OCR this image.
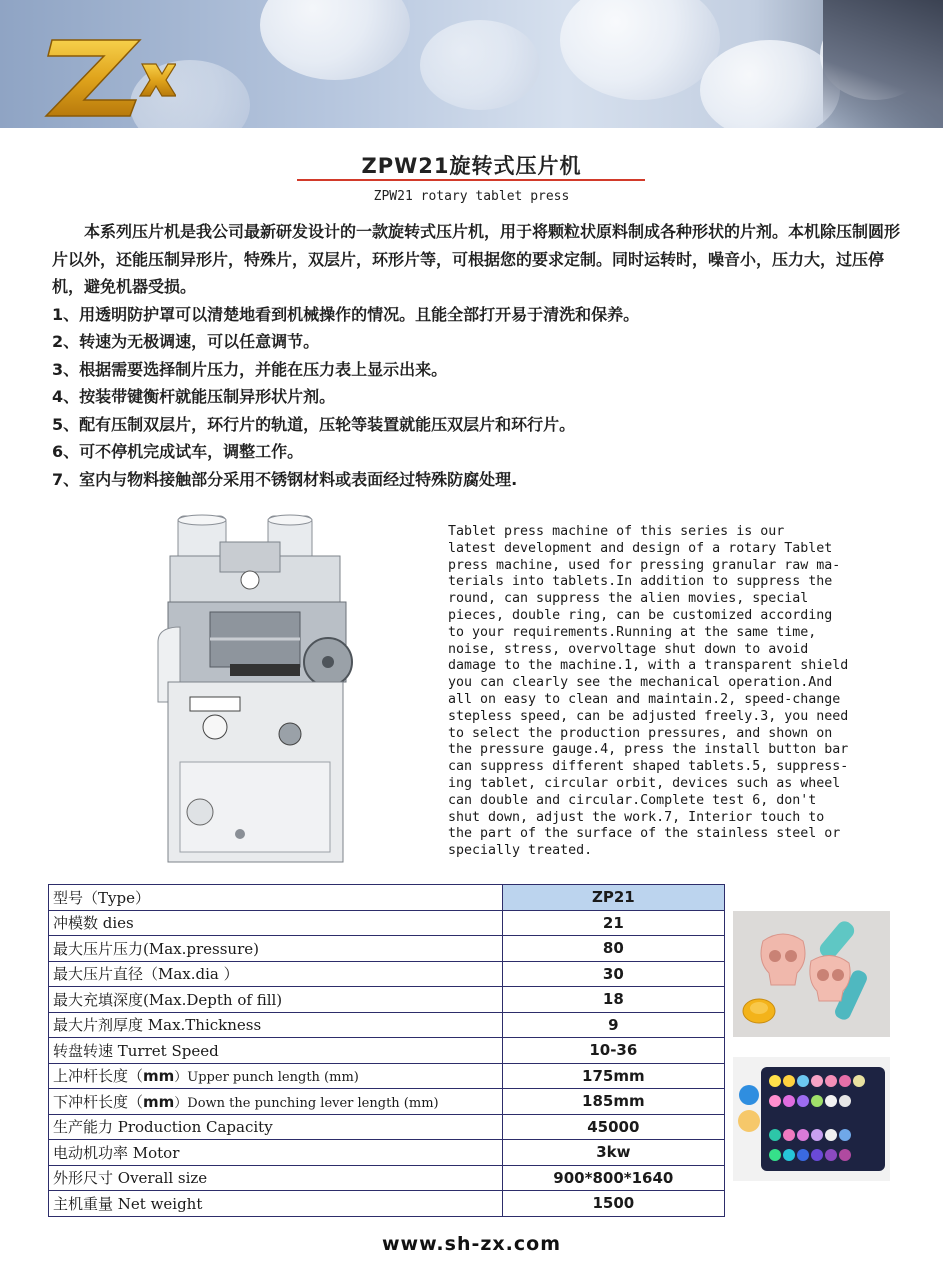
ZPW21旋转式压片机
ZPW21 rotary tablet press

本系列压片机是我公司最新研发设计的一款旋转式压片机，用于将颗粒状原料制成各种形状的片剂。本机除压制圆形片以外，还能压制异形片，特殊片，双层片，环形片等，可根据您的要求定制。同时运转时，噪音小，压力大，过压停机，避免机器受损。

1、用透明防护罩可以清楚地看到机械操作的情况。且能全部打开易于清洗和保养。
2、转速为无极调速，可以任意调节。
3、根据需要选择制片压力，并能在压力表上显示出来。
4、按装带键衡杆就能压制异形状片剂。
5、配有压制双层片，环行片的轨道，压轮等装置就能压双层片和环行片。
6、可不停机完成试车，调整工作。
7、室内与物料接触部分采用不锈钢材料或表面经过特殊防腐处理.
Tablet press machine of this series is our
latest development and design of a rotary Tablet
press machine, used for pressing granular raw ma-
terials into tablets.In addition to suppress the
round, can suppress the alien movies, special
pieces, double ring, can be customized according
to your requirements.Running at the same time,
noise, stress, overvoltage shut down to avoid
damage to the machine.1, with a transparent shield
you can clearly see the mechanical operation.And
all on easy to clean and maintain.2, speed-change
stepless speed, can be adjusted freely.3, you need
to select the production pressures, and shown on
the pressure gauge.4, press the install button bar
can suppress different shaped tablets.5, suppress-
ing tablet, circular orbit, devices such as wheel
can double and circular.Complete test 6, don't
shut down, adjust the work.7, Interior touch to
the part of the surface of the stainless steel or
specially treated.
型号（Type）	ZP21
冲模数 dies	21
最大压片压力(Max.pressure)	80
最大压片直径（Max.dia ）	30
最大充填深度(Max.Depth of fill)	18
最大片剂厚度 Max.Thickness	9
转盘转速 Turret Speed	10-36
上冲杆长度（mm）Upper punch length (mm)	175mm
下冲杆长度（mm）Down the punching lever length (mm)	185mm
生产能力 Production Capacity	45000
电动机功率 Motor	3kw
外形尺寸 Overall size	900*800*1640
主机重量 Net weight	1500
www.sh-zx.com
